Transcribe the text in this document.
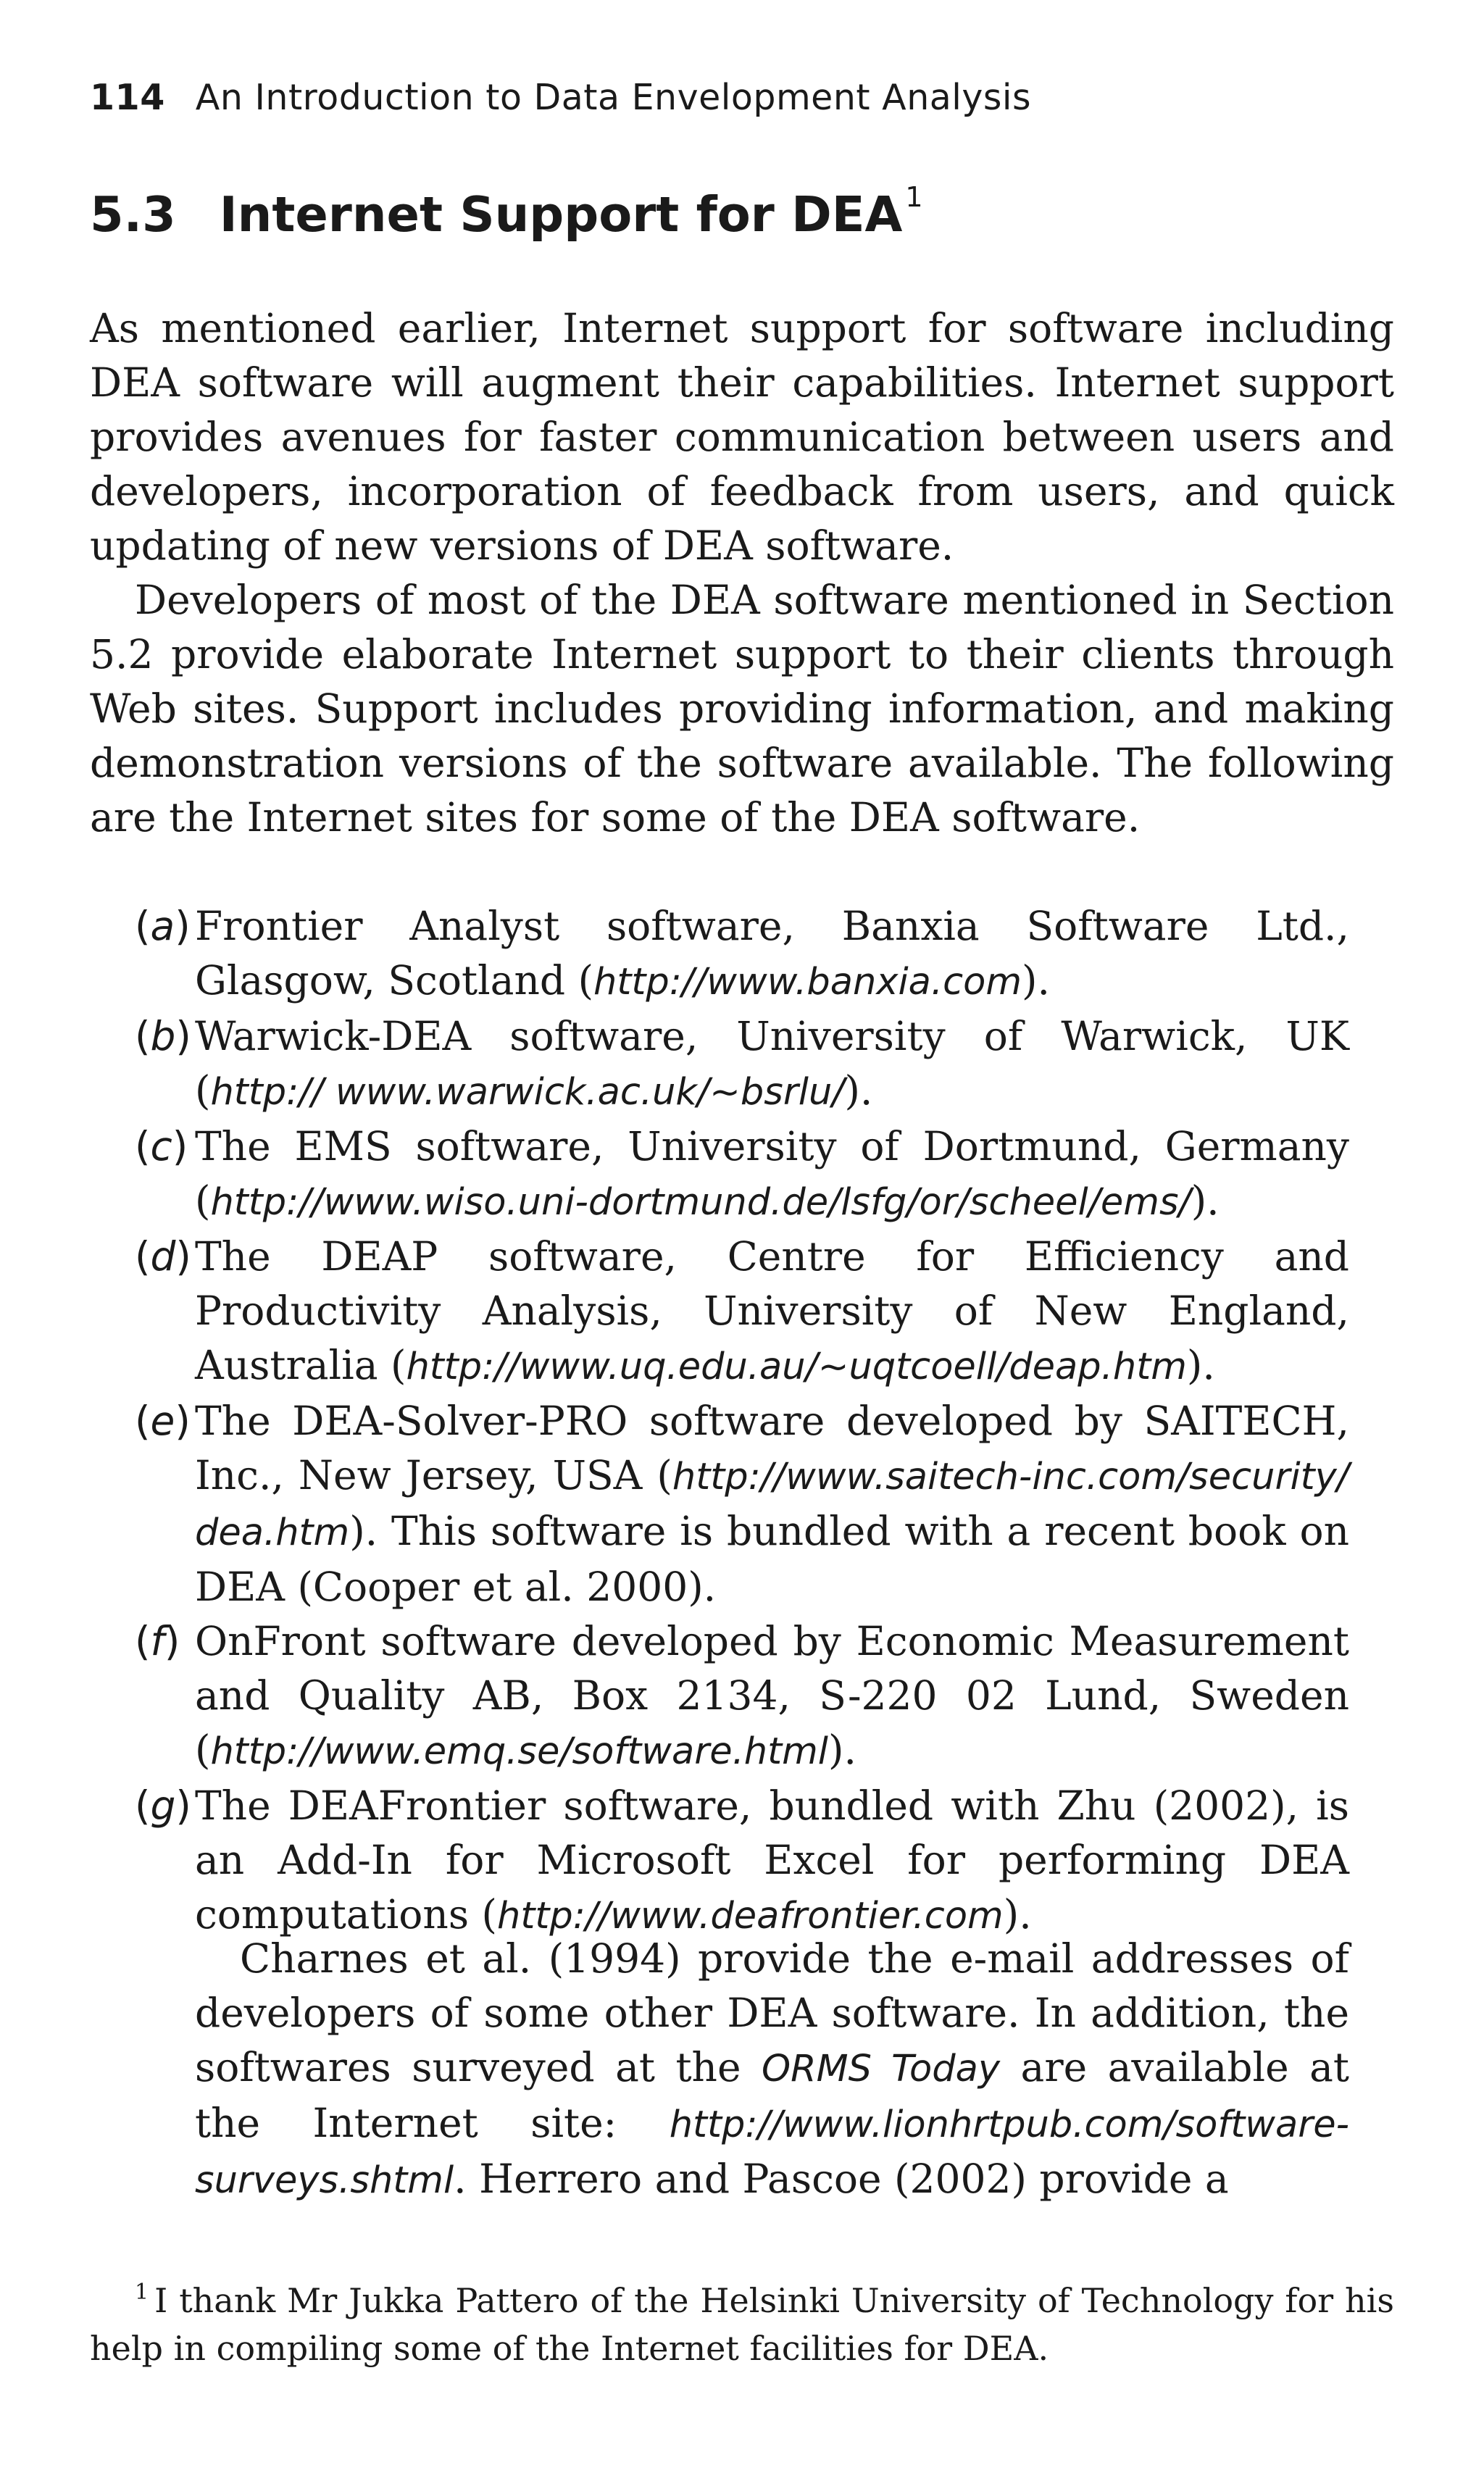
114 An Introduction to Data Envelopment Analysis
5.3 Internet Support for DEA $^1$

As mentioned earlier, Internet support for software including DEA software will augment their capabilities. Internet support provides avenues for faster communication between users and developers, incorporation of feedback from users, and quick updating of new versions of DEA software.

Developers of most of the DEA software mentioned in Section 5.2 provide elaborate Internet support to their clients through Web sites. Support includes providing information, and making demonstration versions of the software available. The following are the Internet sites for some of the DEA software.

(a) Frontier Analyst software, Banxia Software Ltd., Glasgow, Scotland (http://www.banxia.com).
(b) Warwick-DEA software, University of Warwick, UK (http:// www.warwick.ac.uk/~bsrlu/).
(c) The EMS software, University of Dortmund, Germany (http://www.wiso.uni-dortmund.de/lsfg/or/scheel/ems/).
(d) The DEAP software, Centre for Efficiency and Productivity Analysis, University of New England, Australia (http://www.uq.edu.au/~uqtcoell/deap.htm).
(e) The DEA-Solver-PRO software developed by SAITECH, Inc., New Jersey, USA (http://www.saitech-inc.com/security/ dea.htm). This software is bundled with a recent book on DEA (Cooper et al. 2000).
(f) OnFront software developed by Economic Measurement and Quality AB, Box 2134, S-220 02 Lund, Sweden (http://www.emq.se/software.html).
(g) The DEAFrontier software, bundled with Zhu (2002), is an Add-In for Microsoft Excel for performing DEA computations (http://www.deafrontier.com).

Charnes et al. (1994) provide the e-mail addresses of developers of some other DEA software. In addition, the softwares surveyed at the ORMS Today are available at the Internet site: http://www.lionhrtpub.com/software-surveys.shtml. Herrero and Pascoe (2002) provide a

$^1$ I thank Mr Jukka Pattero of the Helsinki University of Technology for his help in compiling some of the Internet facilities for DEA.
